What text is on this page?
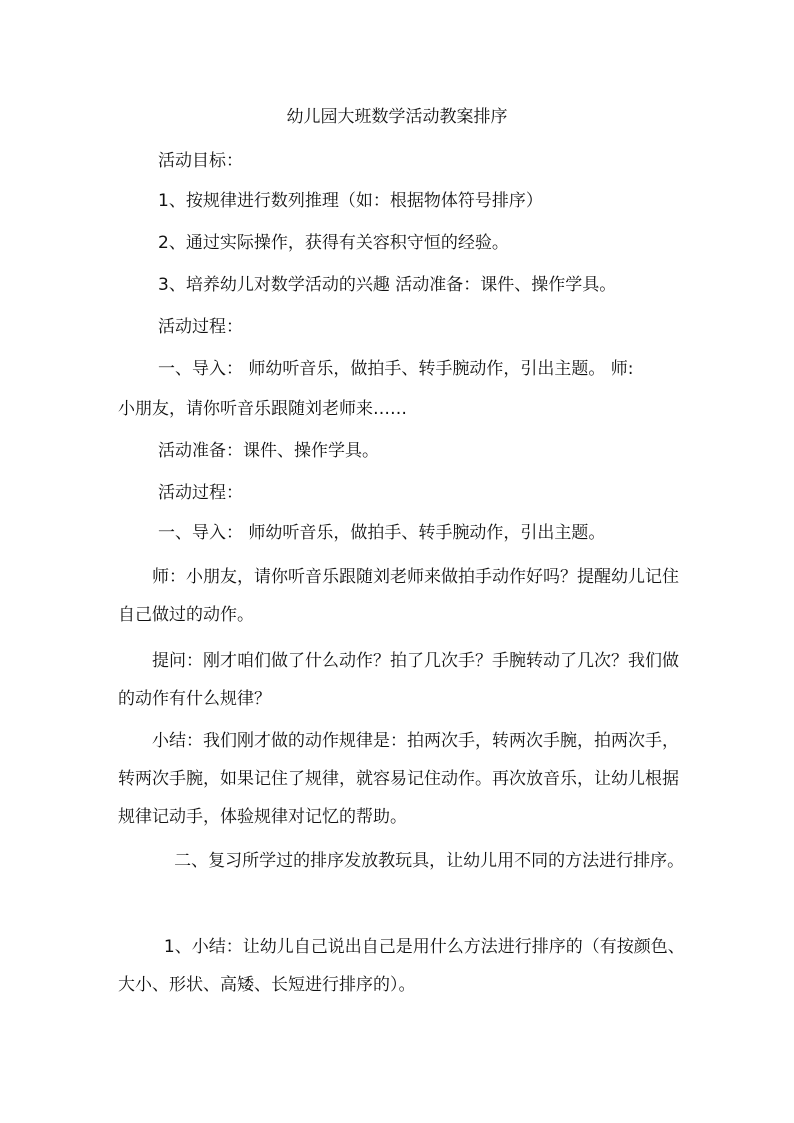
幼儿园大班数学活动教案排序
活动目标：
1、按规律进行数列推理（如：根据物体符号排序）
2、通过实际操作，获得有关容积守恒的经验。
3、培养幼儿对数学活动的兴趣 活动准备：课件、操作学具。
活动过程：
一、导入： 师幼听音乐，做拍手、转手腕动作，引出主题。 师:
小朋友，请你听音乐跟随刘老师来……
活动准备：课件、操作学具。
活动过程：
一、导入： 师幼听音乐，做拍手、转手腕动作，引出主题。

师：小朋友，请你听音乐跟随刘老师来做拍手动作好吗？提醒幼儿记住自己做过的动作。

提问：刚才咱们做了什么动作？拍了几次手？手腕转动了几次？我们做的动作有什么规律？

小结：我们刚才做的动作规律是：拍两次手，转两次手腕，拍两次手，转两次手腕，如果记住了规律，就容易记住动作。再次放音乐，让幼儿根据规律记动手，体验规律对记忆的帮助。

二、复习所学过的排序发放教玩具，让幼儿用不同的方法进行排序。

1、小结：让幼儿自己说出自己是用什么方法进行排序的（有按颜色、大小、形状、高矮、长短进行排序的）。
